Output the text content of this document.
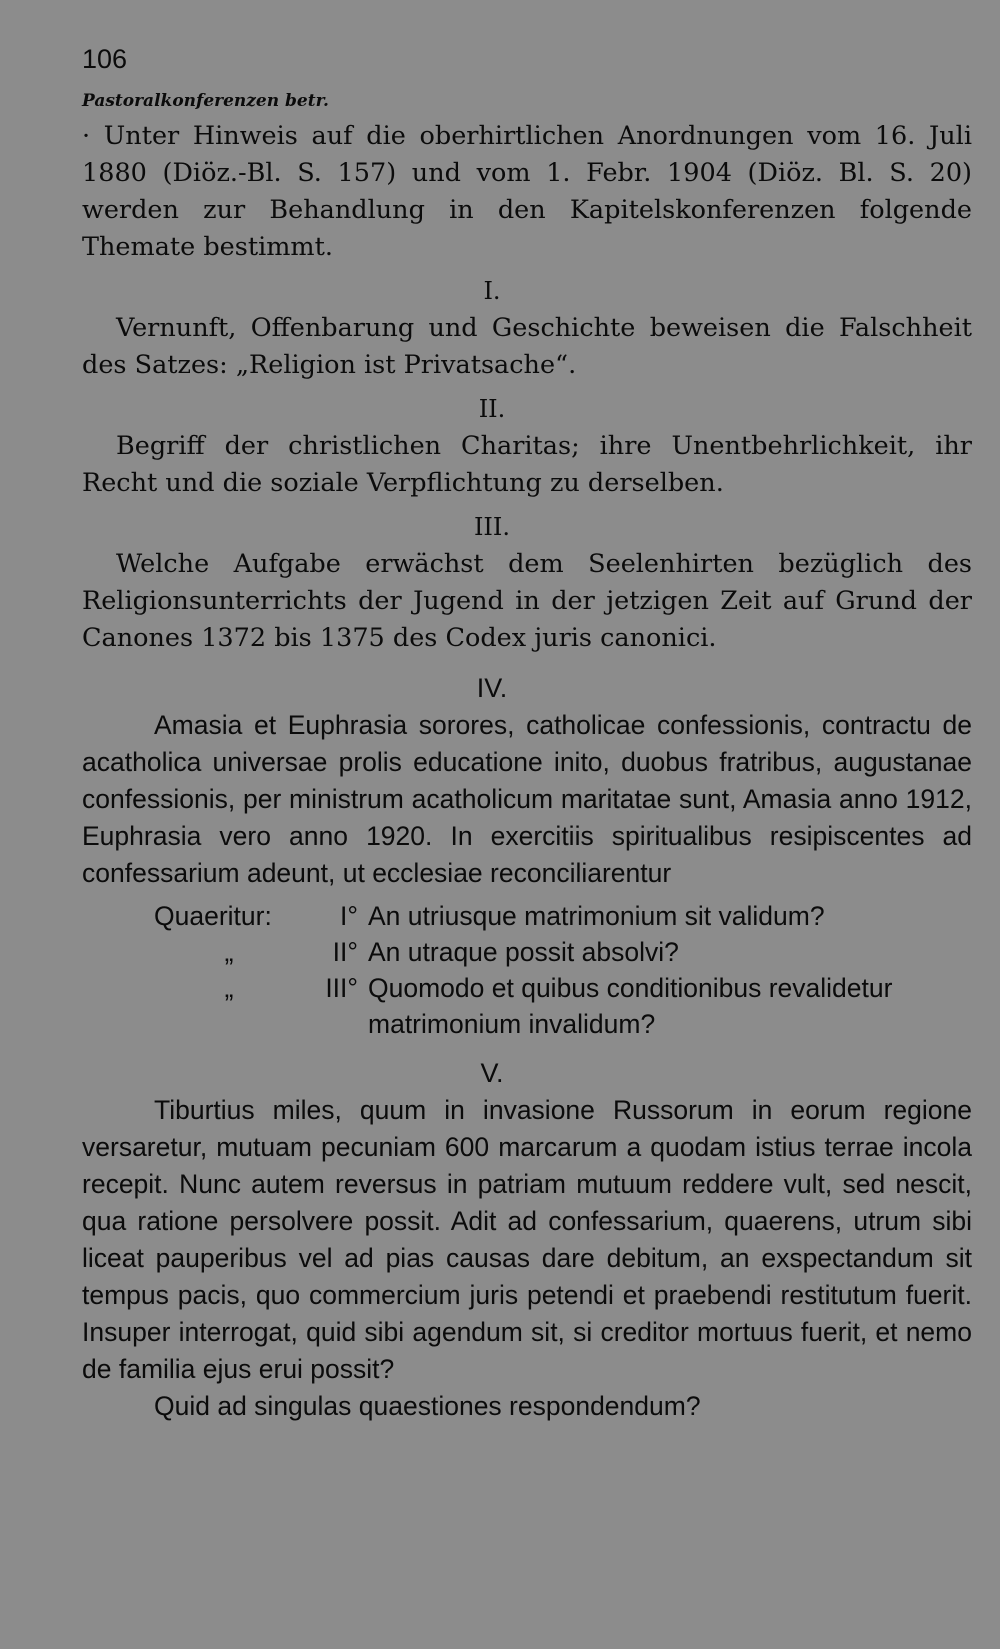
106
Pastoralkonferenzen betr.

· Unter Hinweis auf die oberhirtlichen Anordnungen vom 16. Juli 1880 (Diöz.-Bl. S. 157) und vom 1. Febr. 1904 (Diöz. Bl. S. 20) werden zur Behandlung in den Kapitelskonferenzen folgende Themate bestimmt.

I.

Vernunft, Offenbarung und Geschichte beweisen die Falschheit des Satzes: „Religion ist Privatsache“.

II.

Begriff der christlichen Charitas; ihre Unentbehrlichkeit, ihr Recht und die soziale Verpflichtung zu derselben.

III.

Welche Aufgabe erwächst dem Seelenhirten bezüglich des Religionsunterrichts der Jugend in der jetzigen Zeit auf Grund der Canones 1372 bis 1375 des Codex juris canonici.

IV.

Amasia et Euphrasia sorores, catholicae confessionis, contractu de acatholica universae prolis educatione inito, duobus fratribus, augustanae confessionis, per ministrum acatholicum maritatae sunt, Amasia anno 1912, Euphrasia vero anno 1920. In exercitiis spiritualibus resipiscentes ad confessarium adeunt, ut ecclesiae reconciliarentur

Quaeritur:	I° An utriusque matrimonium sit validum?
„	II° An utraque possit absolvi?
„	III° Quomodo et quibus conditionibus revalidetur matrimonium invalidum?
V.

Tiburtius miles, quum in invasione Russorum in eorum regione versaretur, mutuam pecuniam 600 marcarum a quodam istius terrae incola recepit. Nunc autem reversus in patriam mutuum reddere vult, sed nescit, qua ratione persolvere possit. Adit ad confessarium, quaerens, utrum sibi liceat pauperibus vel ad pias causas dare debitum, an exspectandum sit tempus pacis, quo commercium juris petendi et praebendi restitutum fuerit. Insuper interrogat, quid sibi agendum sit, si creditor mortuus fuerit, et nemo de familia ejus erui possit?

Quid ad singulas quaestiones respondendum?
